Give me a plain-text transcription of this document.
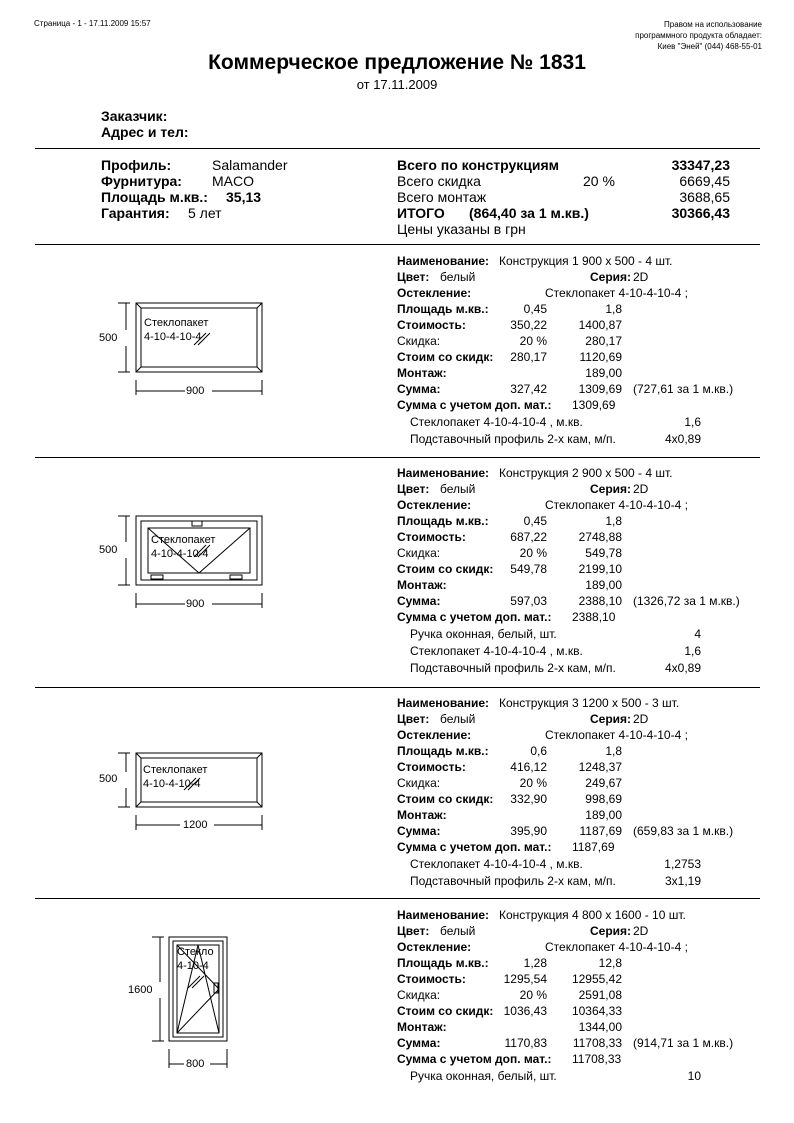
Страница - 1 - 17.11.2009 15:57	Правом на использование
программного продукта обладает:
Киев "Эней" (044) 468-55-01
Коммерческое предложение № 1831
от 17.11.2009
Заказчик:
Адрес и тел:
Профиль:	Salamander
Фурнитура: MACO
Площадь м.кв.: 35,13
Гарантия: 5 лет
Всего по конструкциям	33347,23
Всего скидка	20 %	6669,45
Всего монтаж	3688,65
ИТОГО (864,40 за 1 м.кв.)	30366,43
Цены указаны в грн
Стеклопакет
4-10-4-10-4
900
500
Стеклопакет
4-10-4-10-4
900
500
Стеклопакет
4-10-4-10-4
1200
500
Стекло
4-10-4
800
1600
Наименование: Конструкция 1 900 х 500 - 4 шт.
Цвет: белый	Серия: 2D
Остекление:	Стеклопакет 4-10-4-10-4 ;
Площадь м.кв.:	0,45	1,8
Стоимость:	350,22	1400,87
Скидка:	20 %	280,17
Стоим со скидк: 280,17	1120,69
Монтаж:	189,00
Сумма:	327,42	1309,69 (727,61 за 1 м.кв.)
Сумма с учетом доп. мат.: 1309,69
Стеклопакет 4-10-4-10-4 , м.кв.	1,6
Подставочный профиль 2-х кам, м/п.	4x0,89
Наименование: Конструкция 2 900 х 500 - 4 шт.
Цвет: белый	Серия: 2D
Остекление:	Стеклопакет 4-10-4-10-4 ;
Площадь м.кв.:	0,45	1,8
Стоимость:	687,22	2748,88
Скидка:	20 %	549,78
Стоим со скидк: 549,78	2199,10
Монтаж:	189,00
Сумма:	597,03	2388,10 (1326,72 за 1 м.кв.)
Сумма с учетом доп. мат.: 2388,10
Ручка оконная, белый, шт.	4
Стеклопакет 4-10-4-10-4 , м.кв.	1,6
Подставочный профиль 2-х кам, м/п.	4x0,89
Наименование: Конструкция 3 1200 х 500 - 3 шт.
Цвет: белый	Серия: 2D
Остекление:	Стеклопакет 4-10-4-10-4 ;
Площадь м.кв.:	0,6	1,8
Стоимость:	416,12	1248,37
Скидка:	20 %	249,67
Стоим со скидк: 332,90	998,69
Монтаж:	189,00
Сумма:	395,90	1187,69 (659,83 за 1 м.кв.)
Сумма с учетом доп. мат.: 1187,69
Стеклопакет 4-10-4-10-4 , м.кв.	1,2753
Подставочный профиль 2-х кам, м/п.	3x1,19
Наименование: Конструкция 4 800 х 1600 - 10 шт.
Цвет: белый	Серия: 2D
Остекление:	Стеклопакет 4-10-4-10-4 ;
Площадь м.кв.:	1,28	12,8
Стоимость:	1295,54 12955,42
Скидка:	20 %	2591,08
Стоим со скидк: 1036,43 10364,33
Монтаж:	1344,00
Сумма:	1170,83 11708,33 (914,71 за 1 м.кв.)
Сумма с учетом доп. мат.: 11708,33
Ручка оконная, белый, шт.	10
